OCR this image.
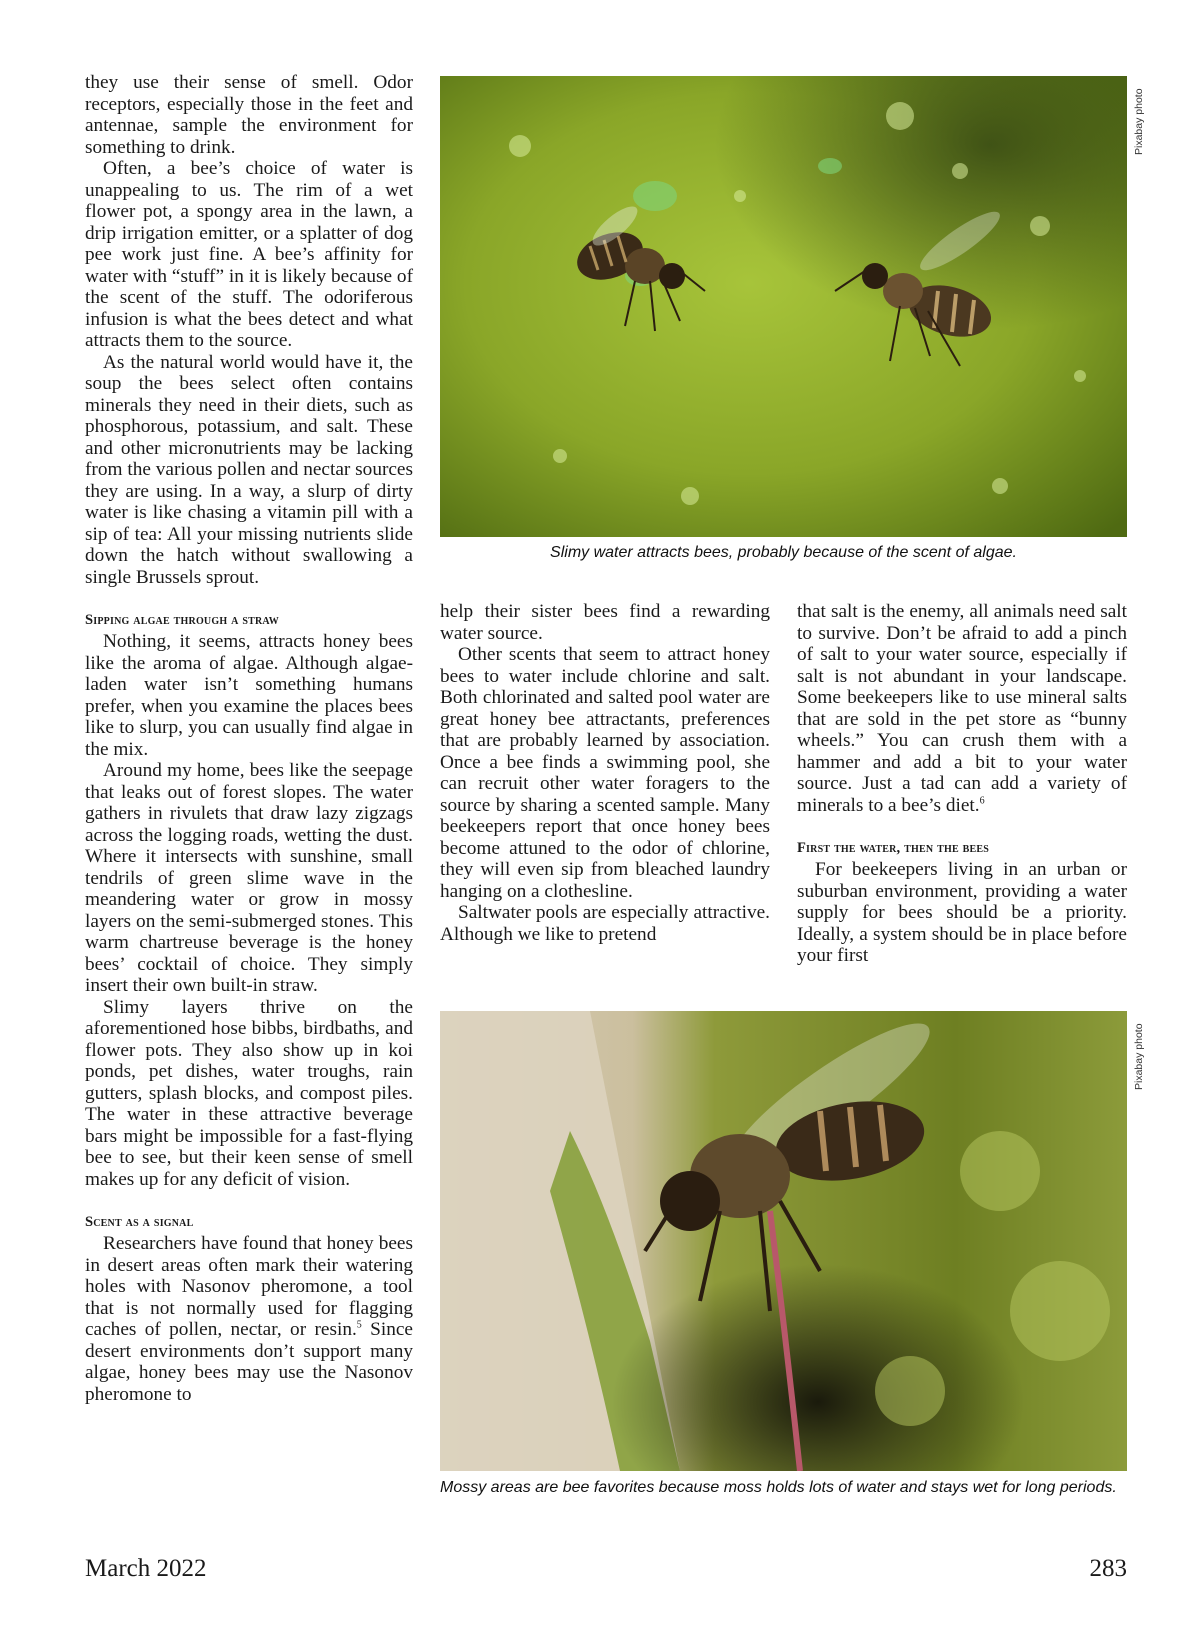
they use their sense of smell. Odor receptors, especially those in the feet and antennae, sample the environment for something to drink.

Often, a bee’s choice of water is unappealing to us. The rim of a wet flower pot, a spongy area in the lawn, a drip irrigation emitter, or a splatter of dog pee work just fine. A bee’s affinity for water with “stuff” in it is likely because of the scent of the stuff. The odoriferous infusion is what the bees detect and what attracts them to the source.

As the natural world would have it, the soup the bees select often contains minerals they need in their diets, such as phosphorous, potassium, and salt. These and other micronutrients may be lacking from the various pollen and nectar sources they are using. In a way, a slurp of dirty water is like chasing a vitamin pill with a sip of tea: All your missing nutrients slide down the hatch without swallowing a single Brussels sprout.

Sipping algae through a straw

Nothing, it seems, attracts honey bees like the aroma of algae. Although algae-laden water isn’t something humans prefer, when you examine the places bees like to slurp, you can usually find algae in the mix.

Around my home, bees like the seepage that leaks out of forest slopes. The water gathers in rivulets that draw lazy zigzags across the logging roads, wetting the dust. Where it intersects with sunshine, small tendrils of green slime wave in the meandering water or grow in mossy layers on the semi-submerged stones. This warm chartreuse beverage is the honey bees’ cocktail of choice. They simply insert their own built-in straw.

Slimy layers thrive on the aforementioned hose bibbs, birdbaths, and flower pots. They also show up in koi ponds, pet dishes, water troughs, rain gutters, splash blocks, and compost piles. The water in these attractive beverage bars might be impossible for a fast-flying bee to see, but their keen sense of smell makes up for any deficit of vision.

Scent as a signal

Researchers have found that honey bees in desert areas often mark their watering holes with Nasonov pheromone, a tool that is not normally used for flagging caches of pollen, nectar, or resin.$^5$ Since desert environments don’t support many algae, honey bees may use the Nasonov pheromone to

Pixabay photo
Slimy water attracts bees, probably because of the scent of algae.

help their sister bees find a rewarding water source.

Other scents that seem to attract honey bees to water include chlorine and salt. Both chlorinated and salted pool water are great honey bee attractants, preferences that are probably learned by association. Once a bee finds a swimming pool, she can recruit other water foragers to the source by sharing a scented sample. Many beekeepers report that once honey bees become attuned to the odor of chlorine, they will even sip from bleached laundry hanging on a clothesline.

Saltwater pools are especially attractive. Although we like to pretend

that salt is the enemy, all animals need salt to survive. Don’t be afraid to add a pinch of salt to your water source, especially if salt is not abundant in your landscape. Some beekeepers like to use mineral salts that are sold in the pet store as “bunny wheels.” You can crush them with a hammer and add a bit to your water source. Just a tad can add a variety of minerals to a bee’s diet.$^6$

First the water, then the bees

For beekeepers living in an urban or suburban environment, providing a water supply for bees should be a priority. Ideally, a system should be in place before your first

Pixabay photo
Mossy areas are bee favorites because moss holds lots of water and stays wet for long periods.
March 2022	283
